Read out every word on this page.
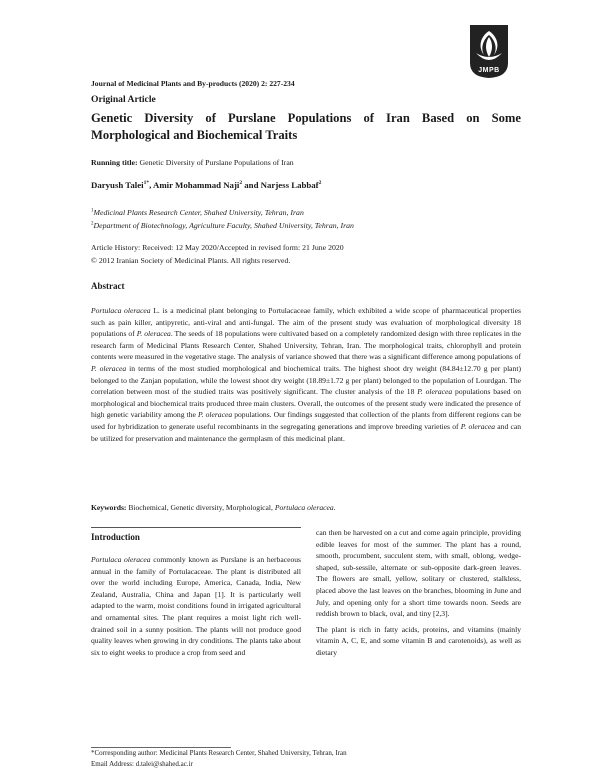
JMPB
Journal of Medicinal Plants and By-products (2020) 2: 227-234
Original Article
Genetic Diversity of Purslane Populations of Iran Based on Some Morphological and Biochemical Traits
Running title: Genetic Diversity of Purslane Populations of Iran
Daryush Talei$^{1*}$, Amir Mohammad Naji$^2$ and Narjess Labbaf$^2$
$^1$Medicinal Plants Research Center, Shahed University, Tehran, Iran
$^2$Department of Biotechnology, Agriculture Faculty, Shahed University, Tehran, Iran
Article History: Received: 12 May 2020/Accepted in revised form: 21 June 2020
© 2012 Iranian Society of Medicinal Plants. All rights reserved.
Abstract

Portulaca oleracea L. is a medicinal plant belonging to Portulacaceae family, which exhibited a wide scope of pharmaceutical properties such as pain killer, antipyretic, anti-viral and anti-fungal. The aim of the present study was evaluation of morphological diversity 18 populations of P. oleracea. The seeds of 18 populations were cultivated based on a completely randomized design with three replicates in the research farm of Medicinal Plants Research Center, Shahed University, Tehran, Iran. The morphological traits, chlorophyll and protein contents were measured in the vegetative stage. The analysis of variance showed that there was a significant difference among populations of P. oleracea in terms of the most studied morphological and biochemical traits. The highest shoot dry weight (84.84±12.70 g per plant) belonged to the Zanjan population, while the lowest shoot dry weight (18.89±1.72 g per plant) belonged to the population of Lourdgan. The correlation between most of the studied traits was positively significant. The cluster analysis of the 18 P. oleracea populations based on morphological and biochemical traits produced three main clusters. Overall, the outcomes of the present study were indicated the presence of high genetic variability among the P. oleracea populations. Our findings suggested that collection of the plants from different regions can be used for hybridization to generate useful recombinants in the segregating generations and improve breeding varieties of P. oleracea and can be utilized for preservation and maintenance the germplasm of this medicinal plant.

Keywords: Biochemical, Genetic diversity, Morphological, Portulaca oleracea.
Introduction

Portulaca oleracea commonly known as Purslane is an herbaceous annual in the family of Portulacaceae. The plant is distributed all over the world including Europe, America, Canada, India, New Zealand, Australia, China and Japan [1]. It is particularly well adapted to the warm, moist conditions found in irrigated agricultural and ornamental sites. The plant requires a moist light rich well-drained soil in a sunny position. The plants will not produce good quality leaves when growing in dry conditions. The plants take about six to eight weeks to produce a crop from seed and

can then be harvested on a cut and come again principle, providing edible leaves for most of the summer. The plant has a round, smooth, procumbent, succulent stem, with small, oblong, wedge-shaped, sub-sessile, alternate or sub-opposite dark-green leaves. The flowers are small, yellow, solitary or clustered, stalkless, placed above the last leaves on the branches, blooming in June and July, and opening only for a short time towards noon. Seeds are reddish brown to black, oval, and tiny [2,3].

The plant is rich in fatty acids, proteins, and vitamins (mainly vitamin A, C, E, and some vitamin B and carotenoids), as well as dietary

*Corresponding author: Medicinal Plants Research Center, Shahed University, Tehran, Iran
Email Address: d.talei@shahed.ac.ir
